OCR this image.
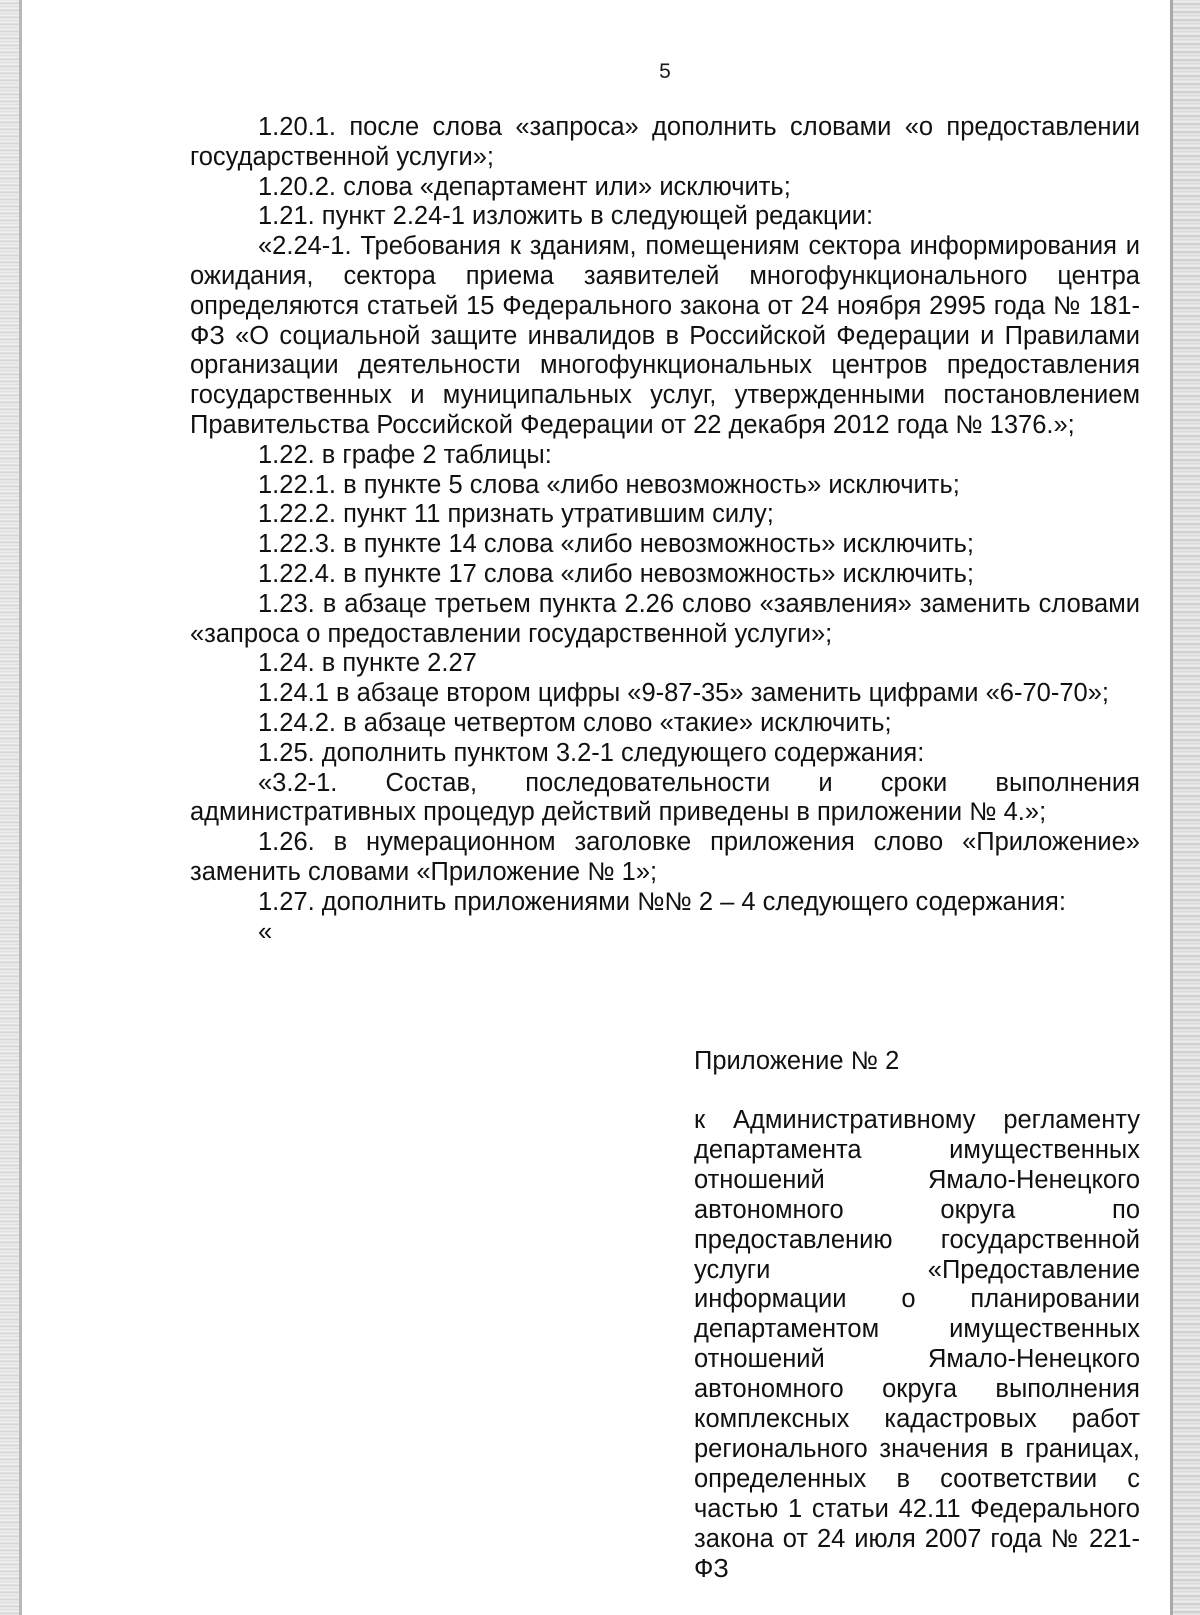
5

1.20.1. после слова «запроса» дополнить словами «о предоставлении государственной услуги»;

1.20.2. слова «департамент или» исключить;

1.21. пункт 2.24-1 изложить в следующей редакции:

«2.24-1. Требования к зданиям, помещениям сектора информирования и ожидания, сектора приема заявителей многофункционального центра определяются статьей 15 Федерального закона от 24 ноября 2995 года № 181-ФЗ «О социальной защите инвалидов в Российской Федерации и Правилами организации деятельности многофункциональных центров предоставления государственных и муниципальных услуг, утвержденными постановлением Правительства Российской Федерации от 22 декабря 2012 года № 1376.»;

1.22. в графе 2 таблицы:

1.22.1. в пункте 5 слова «либо невозможность» исключить;

1.22.2. пункт 11 признать утратившим силу;

1.22.3. в пункте 14 слова «либо невозможность» исключить;

1.22.4. в пункте 17 слова «либо невозможность» исключить;

1.23. в абзаце третьем пункта 2.26 слово «заявления» заменить словами «запроса о предоставлении государственной услуги»;

1.24. в пункте 2.27

1.24.1 в абзаце втором цифры «9-87-35» заменить цифрами «6-70-70»;

1.24.2. в абзаце четвертом слово «такие» исключить;

1.25. дополнить пунктом 3.2-1 следующего содержания:

«3.2-1. Состав, последовательности и сроки выполнения административных процедур действий приведены в приложении № 4.»;

1.26. в нумерационном заголовке приложения слово «Приложение» заменить словами «Приложение № 1»;

1.27. дополнить приложениями №№ 2 – 4 следующего содержания:

«

Приложение № 2

к Административному регламенту департамента имущественных отношений Ямало-Ненецкого автономного округа по предоставлению государственной услуги «Предоставление информации о планировании департаментом имущественных отношений Ямало-Ненецкого автономного округа выполнения комплексных кадастровых работ регионального значения в границах, определенных в соответствии с частью 1 статьи 42.11 Федерального закона от 24 июля 2007 года № 221-ФЗ
